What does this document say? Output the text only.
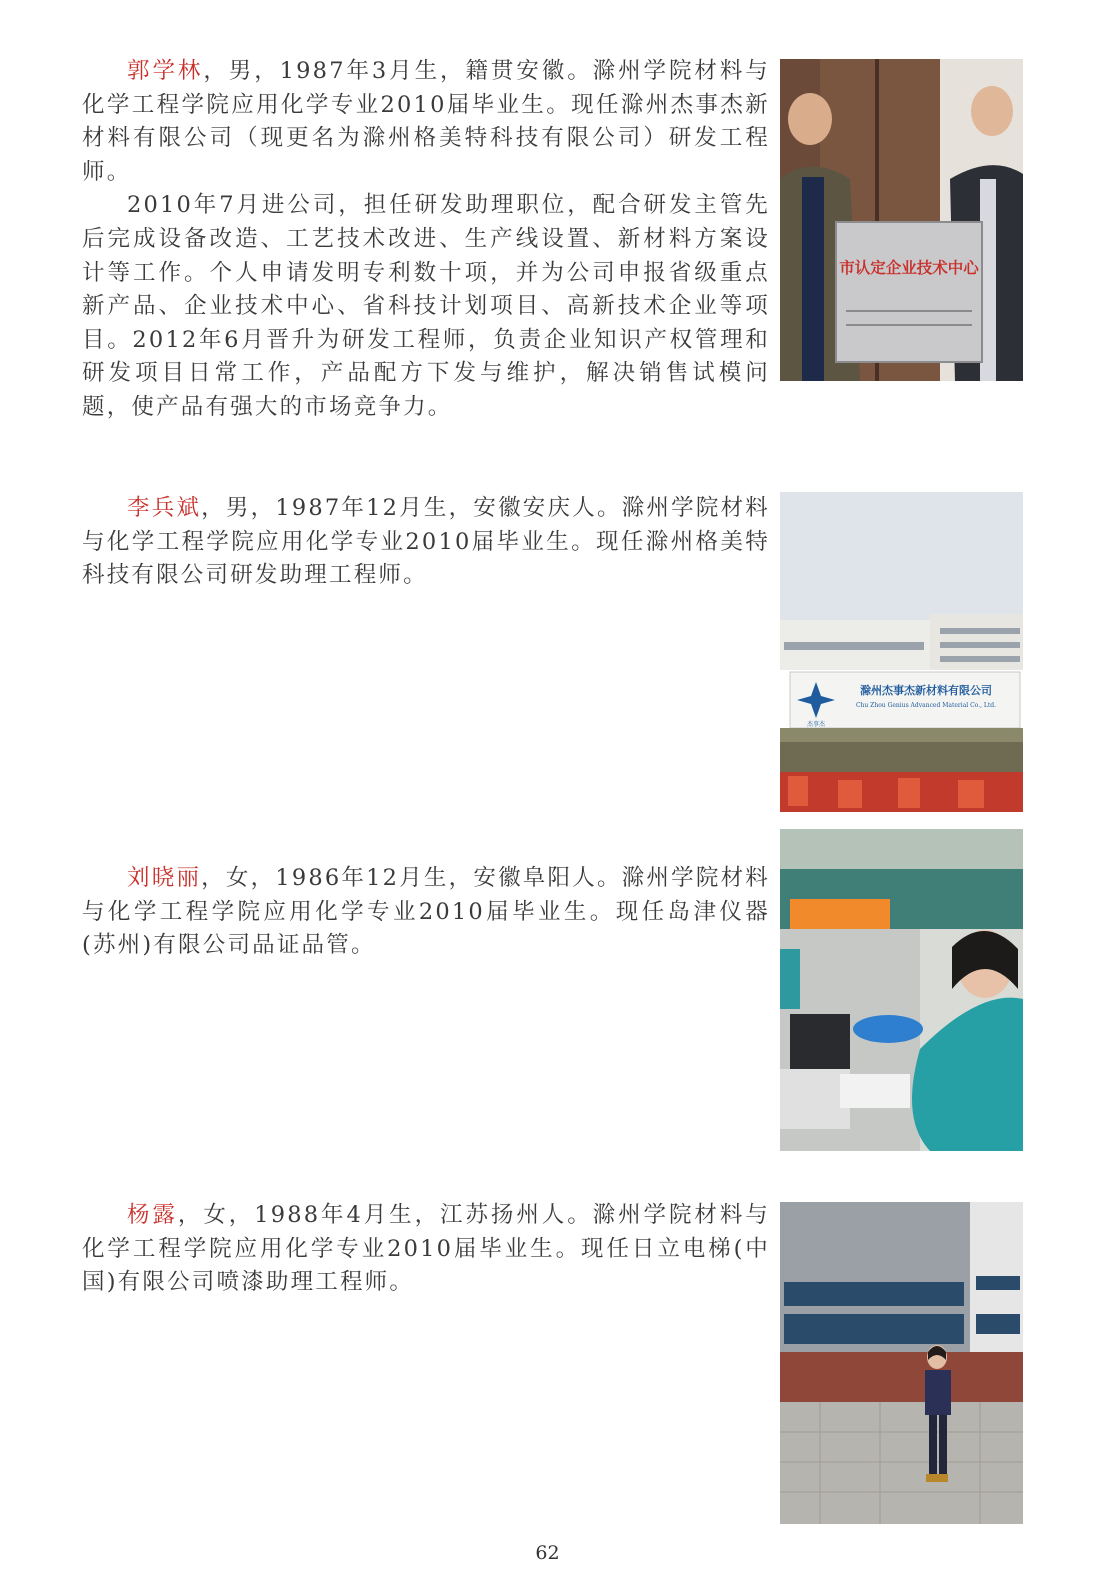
郭学林，男，1987年3月生，籍贯安徽。滁州学院材料与化学工程学院应用化学专业2010届毕业生。现任滁州杰事杰新材料有限公司（现更名为滁州格美特科技有限公司）研发工程师。

2010年7月进公司，担任研发助理职位，配合研发主管先后完成设备改造、工艺技术改进、生产线设置、新材料方案设计等工作。个人申请发明专利数十项，并为公司申报省级重点新产品、企业技术中心、省科技计划项目、高新技术企业等项目。2012年6月晋升为研发工程师，负责企业知识产权管理和研发项目日常工作，产品配方下发与维护，解决销售试模问题，使产品有强大的市场竞争力。

市认定企业技术中心

李兵斌，男，1987年12月生，安徽安庆人。滁州学院材料与化学工程学院应用化学专业2010届毕业生。现任滁州格美特科技有限公司研发助理工程师。

杰事杰
滁州杰事杰新材料有限公司
Chu Zhou Genius Advanced Material Co., Ltd.

刘晓丽，女，1986年12月生，安徽阜阳人。滁州学院材料与化学工程学院应用化学专业2010届毕业生。现任岛津仪器(苏州)有限公司品证品管。

杨露，女，1988年4月生，江苏扬州人。滁州学院材料与化学工程学院应用化学专业2010届毕业生。现任日立电梯(中国)有限公司喷漆助理工程师。

62
